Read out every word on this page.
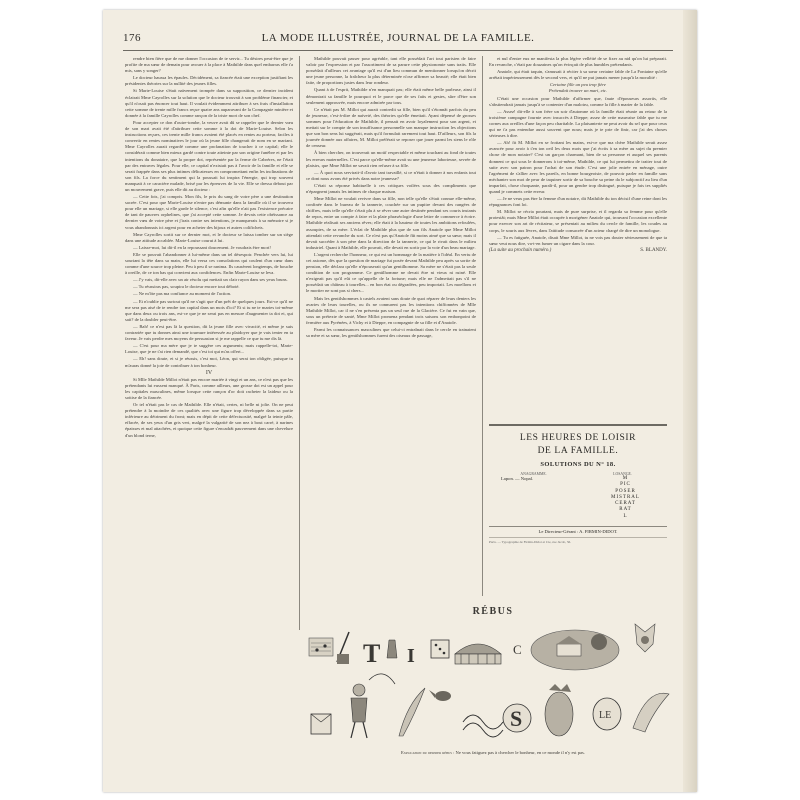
176	LA MODE ILLUSTRÉE, JOURNAL DE LA FAMILLE.

rendre bien fière que de me donner l'occasion de te servir... Tu désires peut-être que je profite de ma sœur de demain pour avouer à la place à Mathilde dans quel embarras elle t'a mis, sans y songer?

Le docteur haussa les épaules. Décidément, sa fiancée était une exception justifiant les présidentes théories sur la nullité des jeunes filles.

Si Marie-Louise s'était naïvement trompée dans sa supposition, ce dernier incident éclairait Mme Cayrolles sur la solution que le docteur trouvait à son problème financier, et qu'il n'osait pas énoncer tout haut. Il voulait évidemment attribuer à ses frais d'installation cette somme de trente mille francs reçue quatre ans auparavant de la Compagnie minière et donnée à la famille Cayrolles comme rançon de la triste mort de son chef.

Pour accepter ce don d'outre-tombe, la veuve avait dû se rappeler que le dernier vœu de son mari avait été d'attribuer cette somme à la dot de Marie-Louise. Selon les instructions reçues, ces trente mille francs avaient été placés en rentes au porteur, faciles à convertir en rentes nominatives le jour où la jeune fille changerait de nom en se mariant. Mme Cayrolles aurait regardé comme une profanation de toucher à ce capital; elle le considérait comme bien mieux gardé contre toute atteinte par son origine funèbre et par les intentions du donataire, que la propre dot, représentée par la ferme de Cabréres, ne l'était par des entraves légales. Pour elle, ce capital n'existait pas à l'avoir de la famille et elle se serait frappée dans ses plus intimes délicatesses en compromettant enfin les inclinations de son fils. La force du sentiment qui la poussait lui inspira l'énergie, qui trop souvent manquait à ce caractère malade, brisé par les épreuves de la vie. Elle se dressa debout par un mouvement grave, puis elle dit au docteur :

— Cette fois, j'ai compris. Mon fils, le prix du sang de votre père a une destination sacrée. C'est pour que Marie-Louise n'entre pas démunie dans la famille où il se trouvera pour elle un mariage, si elle garde le silence, c'est afin qu'elle n'ait pas l'existence précaire de tant de pauvres orphelines, que j'ai accepté cette somme. Je devais cette obéissance au dernier vœu de votre père et j'irais contre ses intentions, je manquerais à sa mémoire si je vous abandonnais ici argent pour en acheter des bijoux et autres colifichets.

Mme Cayrolles sortit sur ce dernier mot, et le docteur se laissa tomber sur un siège dans une attitude accablée. Marie-Louise courut à lui.

— Laisse-moi, lui dit-il en la repoussant doucement. Je voudrais être mort!

Elle se pouvait l'abandonner à lui-même dans un tel désespoir. Penchée vers lui, lui souriant la tête dans sa main, elle lui versa ces consolations qui coulent d'un cœur dans comme d'une source trop pleine. Peu à peu il se ranima. Ils causèrent longtemps, de bouche à oreille, de ce ton bas qui convient aux confidences. Enfin Marie-Louise se leva.

— J'y vais, dit-elle avec un air résolu qui mettait un clair rayon dans ses yeux bruns.

— Tu réussiras pas, soupira le docteur encore tout déboté.

— Ne m'ôte pas ma confiance au moment de l'action.

— Et n'oublie pas surtout qu'il ne s'agit que d'un prêt de quelques jours. Est-ce qu'il ne me sera pas aisé de te rendre ton capital dans un mois d'ici? Et si tu ne te maries toi-même que dans deux ou trois ans, est-ce que je ne serai pas en mesure d'augmenter ta dot et, qui sait? de la doubler peut-être.

— Bah! ce n'est pas là la question, dit la jeune fille avec vivacité, et même je suis contrariée que tu donnes ainsi une tournure intéressée au plaidoyer que je vais tenter en ta faveur. Je vais perdre mes moyens de persuasion si je me rappelle ce que tu me dis là.

— C'est pour ma mère que je te suggère ces arguments; mais rappelle-toi, Marie-Louise, que je ne t'ai rien demandé, que c'est toi qui m'as offert...

— Eh! sans doute, et si je réussis, c'est moi, Léon, qui serai ton obligée, puisque tu m'auras donné la joie de contribuer à ton bonheur.

IV

Si Mlle Mathilde Millot n'était pas encore mariée à vingt et un ans, ce n'est pas que les prétendants lui eussent manqué. À Paris, comme ailleurs, une grosse dot est un appel pour les capitales masculines, même lorsque cette rançon d'or doit racheter la laideur ou la sottise de la fiancée.

Or tel n'était pas le cas de Mathilde. Elle n'était, certes, ni belle ni jolie. On ne peut prétendre à la moindre de ces qualités avec une figure trop développée dans sa partie inférieure au détriment du front; mais en dépit de cette défectuosité, malgré la teinte pâle, effacée, de ses yeux d'un gris vert, malgré la vulgarité de son nez à bout carré, à narines épaisses et mal attachées, et quoique cette figure s'encadrât pauvrement dans une chevelure d'un blond terne,

Mathilde pouvait passer pour agréable, tant elle possédait l'art tout parisien de faire valoir par l'expression et par l'assortiment de sa parure cette physionomie sans traits. Elle possédait d'ailleurs cet avantage qu'il est d'un lieu commun de mentionner lorsqu'on décrit une jeune personne, la fraîcheur la plus déterminée n'ose affirmer sa beauté; elle était bien faite, de proportions justes dans leur rondeur.

Quant à de l'esprit, Mathilde n'en manquait pas; elle était même belle parleuse, ainsi il démontrait sa famille le pourquoi et le parce que de ses faits et gestes, sûre d'être son seulement approuvée, mais encore admirée par tous.

Ce n'était pas M. Millot qui aurait contredit sa fille, bien qu'il s'étonnât parfois du peu de jeunesse, c'est-à-dire de naïveté, des théories qu'elle émettait. Ayant dépensé de grosses sommes pour l'éducation de Mathilde, il pensait en avoir loyalement pour son argent, et mettait sur le compte de son insuffisance personnelle son manque instruction les objections que son bon sens lui suggérait, mais qu'il formulait rarement tout haut. D'ailleurs, son fils la journée donnée aux affaires, M. Millot préférait se reposer que jouer parmi les siens le rôle de censeur.

À bien chercher, on trouverait un motif respectable et même touchant au fond de toutes les erreurs maternelles. C'est parce qu'elle-même avait su une jeunesse laborieuse, sevrée de plaisirs, que Mme Millot ne savait rien refuser à sa fille.

— À quoi nous servirait-il d'avoir tant travaillé, si ce n'était à donner à nos enfants tout ce dont nous avons été privés dans notre jeunesse?

C'était sa réponse habituelle à ces critiques voilées sous des compliments que n'épargnent jamais les intimes de chaque maison.

Mme Millot ne voulait revivre dans sa fille, non telle qu'elle s'était connue elle-même, confinée dans le bureau de la tannerie, couchée sur un pupitre devant des rangées de chiffres, mais telle qu'elle s'était plu à se rêver une autre destinée pendant ses courts instants de repos, entre un compte à faire et la plate phraséologie d'une lettre de commerce à écrire. Mathilde réalisait ses anciens rêves; elle était à la hauteur de toutes les ambitions refoulées, assoupies, de sa mère. L'éclat de Mathilde plus que de son fils Anatole que Mme Millot attendait cette revanche du sort. Ce n'est pas qu'Anatole fût moins aimé que sa sœur; mais il devait succéder à son père dans la direction de la tannerie, ce qui le rivait dans le milieu industriel. Quant à Mathilde, elle pouvait, elle devait en sortir par la voie d'un beau mariage.

L'argent recherche l'honneur, ce qui est un hommage de la matière à l'idéal. En vertu de cet axiome, dès que la question de mariage fut posée devant Mathilde peu après sa sortie de pension, elle déclara qu'elle n'épouserait qu'un gentilhomme. Sa mère ne s'était pas la seule condition de son programme. Ce gentilhomme ne devait être ni vieux ni ruiné. Elle n'exigeait pas qu'il eût ce qu'appelle de la fortune; mais elle ne l'admettait pas s'il ne possédait un château à tourelles... en bon état ou dégradées, peu importait. Les moellons et le mortier ne sont pas si chers...

Mais les gentilshommes à castels avaient sans doute de quoi réparer de leurs deniers les avaries de leurs tourelles, ou ils ne connurent pas les intentions chiffonnées de Mlle Mathilde Millot, car il ne s'en présenta pas un seul rue de la Glacière. Ce fut en vain que, sous un prétexte de santé, Mme Millot promena pendant trois saisons son embonpoint de fermière aux Pyrénées, à Vichy et à Dieppe, en compagnie de sa fille et d'Anatole.

Parmi les connaissances masculines que celui-ci entraînait dans le cercle en trainaient sa mère et sa sœur, les gentilshommes furent des oiseaux de passage,

et nul d'entre eux ne manifesta la plus légère velléité de se fixer au nid qu'on lui préparait. En revanche, c'était par douzaines qu'on évinçait de plus humbles prétendants.

Anatole, qui était taquin, s'amusait à réciter à sa sœur certaine fable de La Fontaine qu'elle arrêtait impérieusement dès le second vers, et qu'il ne put jamais mener jusqu'à la moralité :

Certaine fille un peu trop fière
Prétendait trouver un mari, etc.

C'était une occasion pour Mathilde d'affirmer que, faute d'épouseurs assortis, elle s'abstiendrait jamais jusqu'à se contenter d'un malotru, comme la fille à marier de la fable.

— Assez! dit-elle à son frère un soir d'automne où la famille était réunie au retour de la troisième campagne fournie avec insuccès à Dieppe; assez de cette mauvaise fable que tu me cornes aux oreilles d'une façon peu charitable. La plaisanterie ne peut avoir du sel que pour ceux qui ne t'a pas entendue aussi souvent que nous; mais je te prie de finir, car j'ai des choses sérieuses à dire.

— Ah! fit M. Millot en se frottant les mains, est-ce que ma chère Mathilde serait assez avancée pour avoir à t'en ton oeil les deux mots que j'ai écrits à sa mère au sujet du premier chose de mon notaire? C'est un garçon charmant, bien de sa personne et auquel ses parents donnent ce qui sous le donnerons à toi-même, Mathilde, ce qui lui permettra de traiter tout de suite avec son patron pour l'achat de son étude. C'est une jolie entrée en ménage, outre l'agrément de s'allier avec les pareils, en bonne bourgeoisie, de pouvoir parler en famille sans méchanter son mot de peur de taquiner sortir de sa bouche sa peine da le subjonctif au lieu d'un imparfait, chose choquante, paraît-il, pour un gendre trop distingué, puisque je fais tes suppliés quand je commets cette erreur.

— Je ne veux pas être la femme d'un notaire, dit Mathilde du ton décisif d'une reine dont les répugnances font loi.

M. Millot se récria pourtant, mais de pure surprise, et il regarda sa femme pour qu'elle protestât; mais Mme Millot était occupée à morigéner Anatole qui, trouvant l'occasion excellente pour exercer son art de récitateur, se présentait au milieu du cercle de famille, les coudes au corps, le souris aux lèvres, dans l'attitude consacrée d'un acteur chargé de dire un monologue.

— Tu es fatiguée, Anatole, disait Mme Millot, tu ne vois pas douter sérieusement de que ta sœur veut nous dire, va-t-en fumer un cigare dans la cour.

(La suite au prochain numéro.)	S. BLANDY.

LES HEURES DE LOISIR
DE LA FAMILLE.
SOLUTIONS DU N° 18.
ANAGRAMME.	LOSANGE.
Lapon. — Nopal.	M
PIC
POSER
MISTRAL
CERAT
RAT
L
Le Directeur-Gérant : A. FIRMIN-DIDOT.
Paris. — Typographie de Firmin-Didot et Cie, rue Jacob, 56.
RÉBUS
T I	C
S	LE
Explication du dernier rébus : Ne vous fatiguez pas à chercher le bonheur, en ce monde il n'y est pas.
